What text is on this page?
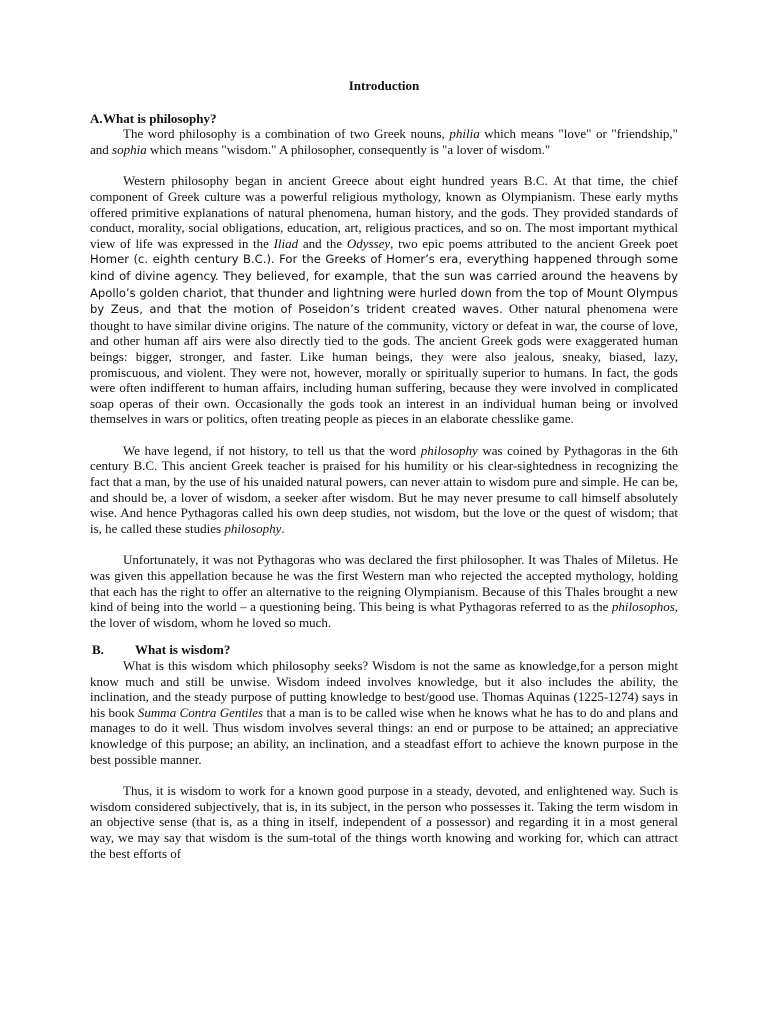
Introduction
A. What is philosophy?

The word philosophy is a combination of two Greek nouns, philia which means "love" or "friendship," and sophia which means "wisdom." A philosopher, consequently is "a lover of wisdom."

Western philosophy began in ancient Greece about eight hundred years B.C. At that time, the chief component of Greek culture was a powerful religious mythology, known as Olympianism. These early myths offered primitive explanations of natural phenomena, human history, and the gods. They provided standards of conduct, morality, social obligations, education, art, religious practices, and so on. The most important mythical view of life was expressed in the Iliad and the Odyssey, two epic poems attributed to the ancient Greek poet Homer (c. eighth century B.C.). For the Greeks of Homer’s era, everything happened through some kind of divine agency. They believed, for example, that the sun was carried around the heavens by Apollo’s golden chariot, that thunder and lightning were hurled down from the top of Mount Olympus by Zeus, and that the motion of Poseidon’s trident created waves. Other natural phenomena were thought to have similar divine origins. The nature of the community, victory or defeat in war, the course of love, and other human aff airs were also directly tied to the gods. The ancient Greek gods were exaggerated human beings: bigger, stronger, and faster. Like human beings, they were also jealous, sneaky, biased, lazy, promiscuous, and violent. They were not, however, morally or spiritually superior to humans. In fact, the gods were often indifferent to human affairs, including human suffering, because they were involved in complicated soap operas of their own. Occasionally the gods took an interest in an individual human being or involved themselves in wars or politics, often treating people as pieces in an elaborate chesslike game.

We have legend, if not history, to tell us that the word philosophy was coined by Pythagoras in the 6th century B.C. This ancient Greek teacher is praised for his humility or his clear-sightedness in recognizing the fact that a man, by the use of his unaided natural powers, can never attain to wisdom pure and simple. He can be, and should be, a lover of wisdom, a seeker after wisdom. But he may never presume to call himself absolutely wise. And hence Pythagoras called his own deep studies, not wisdom, but the love or the quest of wisdom; that is, he called these studies philosophy.

Unfortunately, it was not Pythagoras who was declared the first philosopher. It was Thales of Miletus. He was given this appellation because he was the first Western man who rejected the accepted mythology, holding that each has the right to offer an alternative to the reigning Olympianism. Because of this Thales brought a new kind of being into the world – a questioning being. This being is what Pythagoras referred to as the philosophos, the lover of wisdom, whom he loved so much.

B. What is wisdom?

What is this wisdom which philosophy seeks? Wisdom is not the same as knowledge,for a person might know much and still be unwise. Wisdom indeed involves knowledge, but it also includes the ability, the inclination, and the steady purpose of putting knowledge to best/good use. Thomas Aquinas (1225-1274) says in his book Summa Contra Gentiles that a man is to be called wise when he knows what he has to do and plans and manages to do it well. Thus wisdom involves several things: an end or purpose to be attained; an appreciative knowledge of this purpose; an ability, an inclination, and a steadfast effort to achieve the known purpose in the best possible manner.

Thus, it is wisdom to work for a known good purpose in a steady, devoted, and enlightened way. Such is wisdom considered subjectively, that is, in its subject, in the person who possesses it. Taking the term wisdom in an objective sense (that is, as a thing in itself, independent of a possessor) and regarding it in a most general way, we may say that wisdom is the sum-total of the things worth knowing and working for, which can attract the best efforts of
